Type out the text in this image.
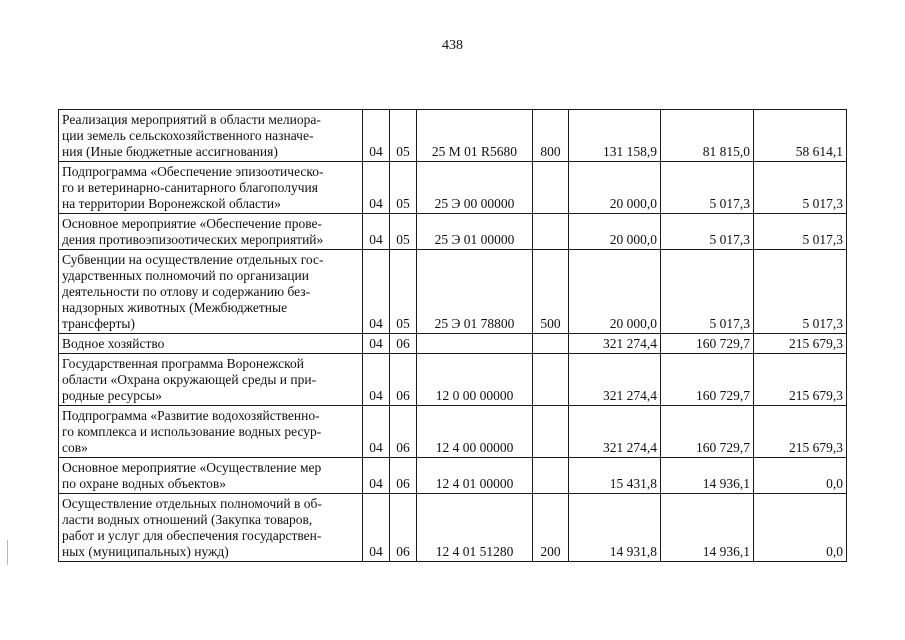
438
Реализация мероприятий в области мелиора-
ции земель сельскохозяйственного назначе-
ния (Иные бюджетные ассигнования)	04	05	25 М 01 R5680	800	131 158,9	81 815,0	58 614,1
Подпрограмма «Обеспечение эпизоотическо-
го и ветеринарно-санитарного благополучия
на территории Воронежской области»	04	05	25 Э 00 00000		20 000,0	5 017,3	5 017,3
Основное мероприятие «Обеспечение прове-
дения противоэпизоотических мероприятий»	04	05	25 Э 01 00000		20 000,0	5 017,3	5 017,3
Субвенции на осуществление отдельных гос-
ударственных полномочий по организации
деятельности по отлову и содержанию без-
надзорных животных (Межбюджетные
трансферты)	04	05	25 Э 01 78800	500	20 000,0	5 017,3	5 017,3
Водное хозяйство	04	06			321 274,4	160 729,7	215 679,3
Государственная программа Воронежской
области «Охрана окружающей среды и при-
родные ресурсы»	04	06	12 0 00 00000		321 274,4	160 729,7	215 679,3
Подпрограмма «Развитие водохозяйственно-
го комплекса и использование водных ресур-
сов»	04	06	12 4 00 00000		321 274,4	160 729,7	215 679,3
Основное мероприятие «Осуществление мер
по охране водных объектов»	04	06	12 4 01 00000		15 431,8	14 936,1	0,0
Осуществление отдельных полномочий в об-
ласти водных отношений (Закупка товаров,
работ и услуг для обеспечения государствен-
ных (муниципальных) нужд)	04	06	12 4 01 51280	200	14 931,8	14 936,1	0,0
